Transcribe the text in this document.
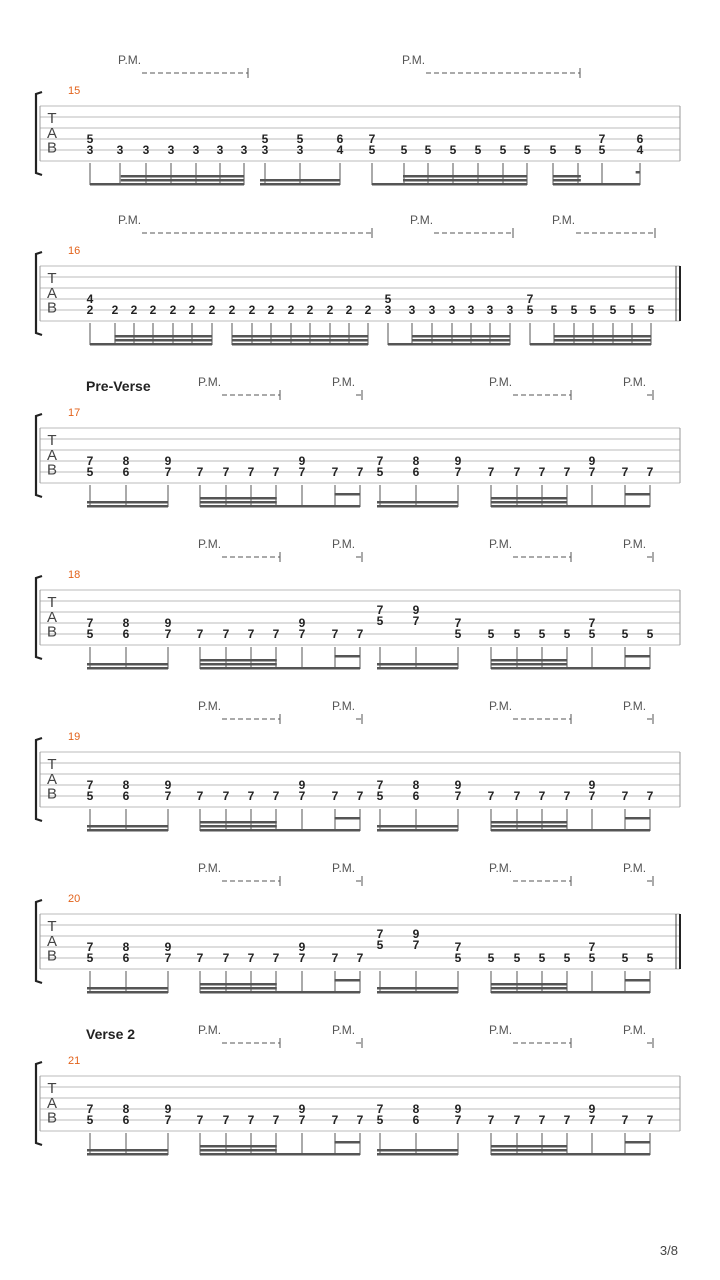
P.M.	P.M.
15
T
A
B
5
3 3 3 3 3 3 3
5
3
5
3
6
4
7
5 5 5 5 5 5 5 5 5
7
5
6
4
P.M.	P.M.	P.M.
16
T
A
B
4
2 2 2 2 2 2 2 2 2 2 2 2 2 2 2
5
3 3 3 3 3 3 3
7
5 5 5 5 5 5 5
P.M.	P.M.	P.M.	P.M.
Pre-Verse
17
T
A
B
7
5
8
6
9
7 7 7 7 7
9
7 7 7
7
5
8
6
9
7 7 7 7 7
9
7 7 7
P.M.	P.M.	P.M.	P.M.
18
T
A
B
7
5
8
6
9
7 7 7 7 7
9
7 7 7
7
5
9
7	7
5 5 5 5 5
7
5 5 5
P.M.	P.M.	P.M.	P.M.
19
T
A
B
7
5
8
6
9
7 7 7 7 7
9
7 7 7
7
5
8
6
9
7 7 7 7 7
9
7 7 7
P.M.	P.M.	P.M.	P.M.
20
T
A
B
7
5
8
6
9
7 7 7 7 7
9
7 7 7
7
5
9
7	7
5 5 5 5 5
7
5 5 5
P.M.	P.M.	P.M.	P.M.
Verse 2
21
T
A
B
7
5
8
6
9
7 7 7 7 7
9
7 7 7
7
5
8
6
9
7 7 7 7 7
9
7 7 7
3/8
